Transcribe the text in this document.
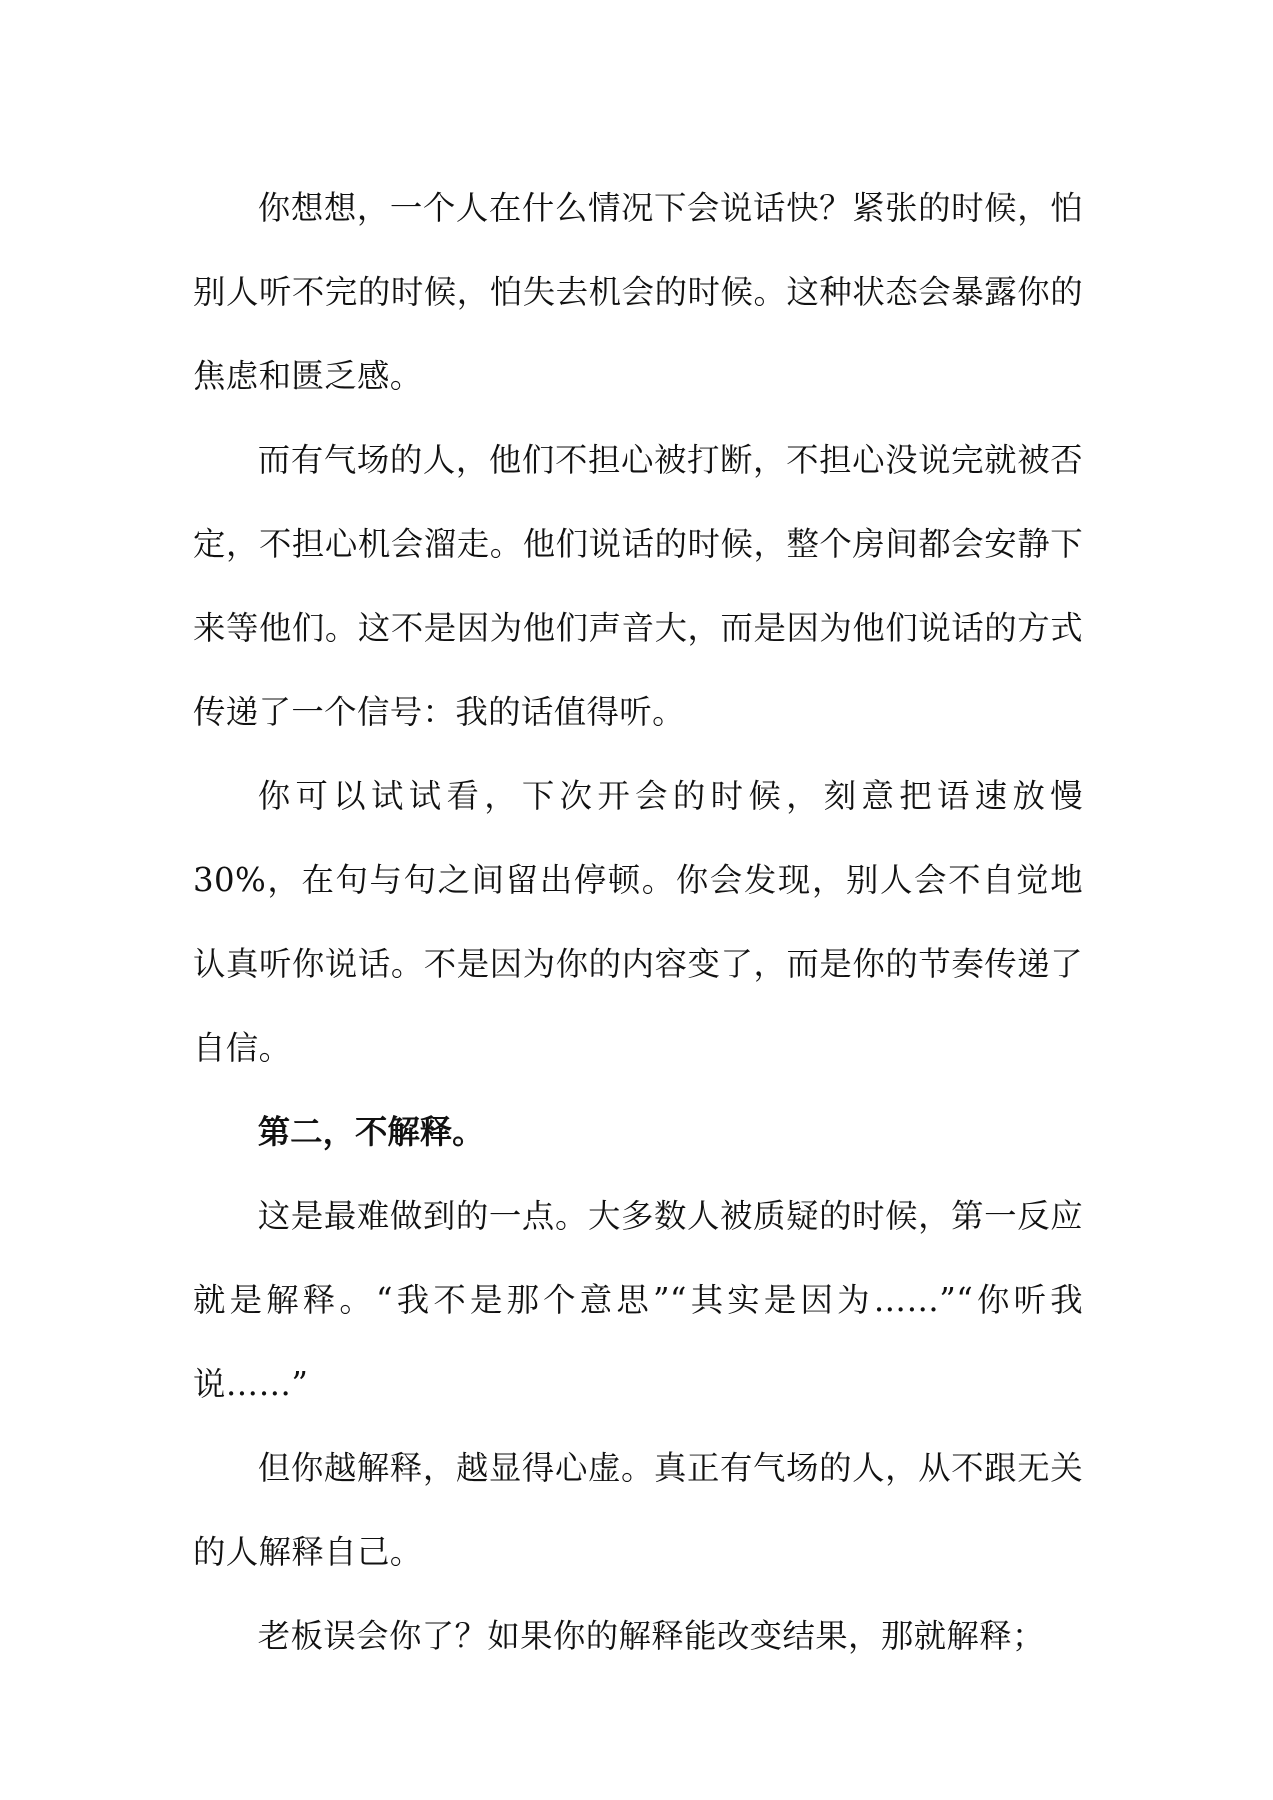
你想想，一个人在什么情况下会说话快？紧张的时候，怕别人听不完的时候，怕失去机会的时候。这种状态会暴露你的焦虑和匮乏感。

而有气场的人，他们不担心被打断，不担心没说完就被否定，不担心机会溜走。他们说话的时候，整个房间都会安静下来等他们。这不是因为他们声音大，而是因为他们说话的方式传递了一个信号：我的话值得听。

你可以试试看，下次开会的时候，刻意把语速放慢 30%，在句与句之间留出停顿。你会发现，别人会不自觉地认真听你说话。不是因为你的内容变了，而是你的节奏传递了自信。

第二，不解释。

这是最难做到的一点。大多数人被质疑的时候，第一反应就是解释。“我不是那个意思”“其实是因为……”“你听我说……”

但你越解释，越显得心虚。真正有气场的人，从不跟无关的人解释自己。

老板误会你了？如果你的解释能改变结果，那就解释；
